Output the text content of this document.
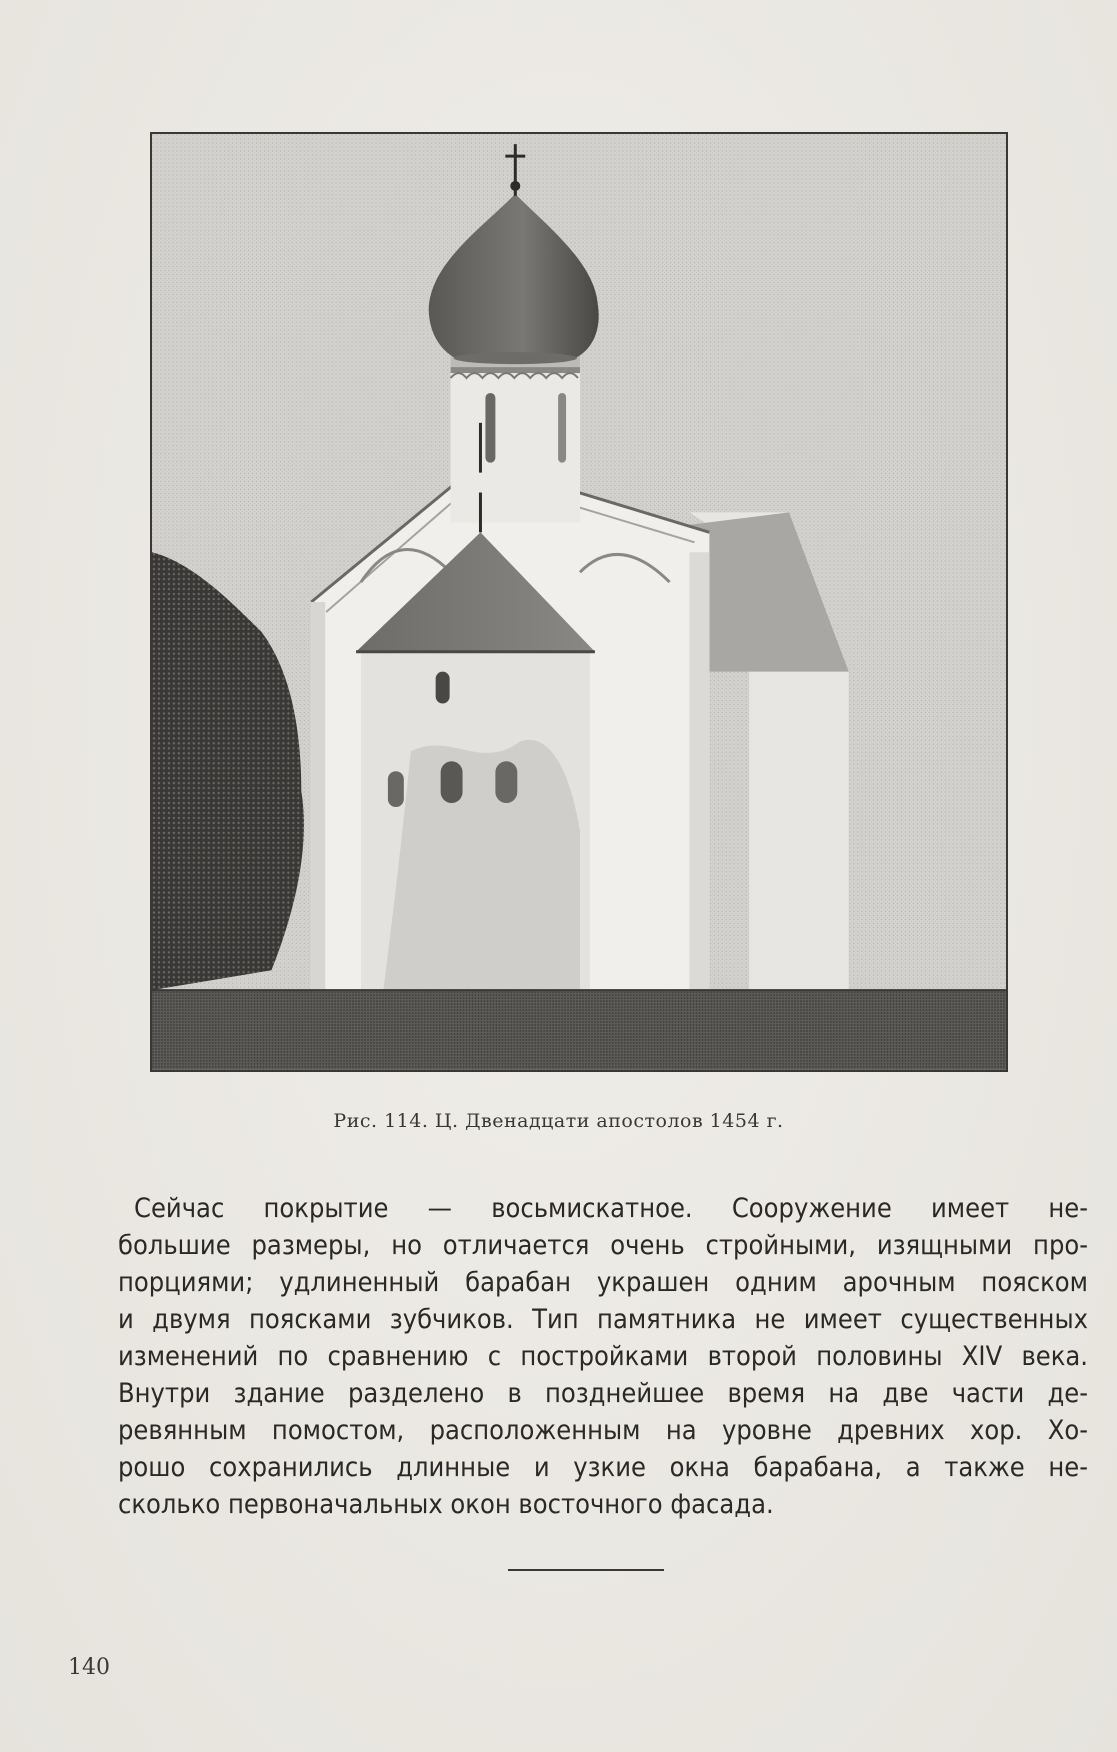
Рис. 114. Ц. Двенадцати апостолов 1454 г.
Сейчас покрытие — восьмискатное. Сооружение имеет не-
большие размеры, но отличается очень стройными, изящными про-
порциями; удлиненный барабан украшен одним арочным пояском
и двумя поясками зубчиков. Тип памятника не имеет существенных
изменений по сравнению с постройками второй половины XIV века.
Внутри здание разделено в позднейшее время на две части де-
ревянным помостом, расположенным на уровне древних хор. Хо-
рошо сохранились длинные и узкие окна барабана, а также не-
сколько первоначальных окон восточного фасада.
140
